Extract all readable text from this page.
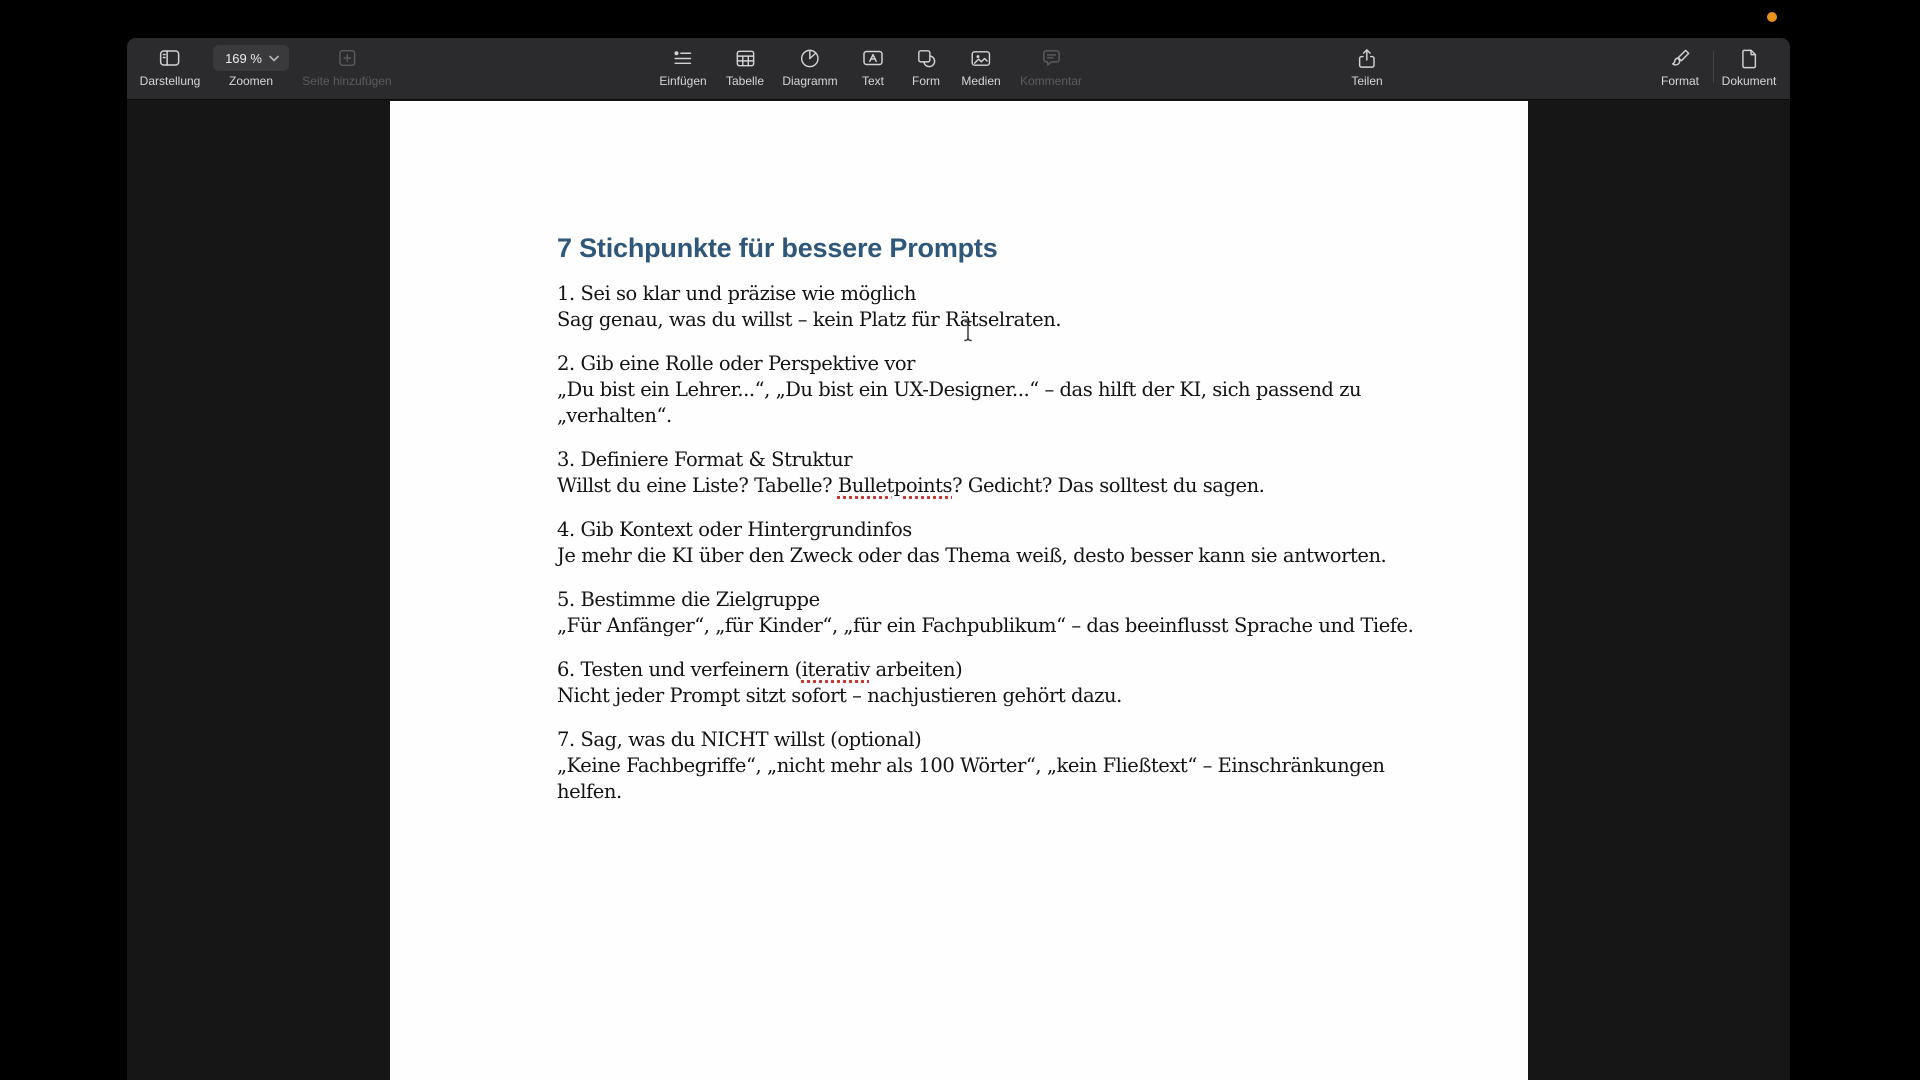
Darstellung
169 %
Zoomen Seite hinzufügen	Einfügen Tabelle Diagramm Text Form Medien Kommentar	Teilen	Format Dokument
7 Stichpunkte für bessere Prompts
1. Sei so klar und präzise wie möglich
Sag genau, was du willst – kein Platz für Rätselraten.
2. Gib eine Rolle oder Perspektive vor
„Du bist ein Lehrer...“, „Du bist ein UX-Designer...“ – das hilft der KI, sich passend zu
„verhalten“.
3. Definiere Format & Struktur
Willst du eine Liste? Tabelle? Bulletpoints? Gedicht? Das solltest du sagen.
4. Gib Kontext oder Hintergrundinfos
Je mehr die KI über den Zweck oder das Thema weiß, desto besser kann sie antworten.
5. Bestimme die Zielgruppe
„Für Anfänger“, „für Kinder“, „für ein Fachpublikum“ – das beeinflusst Sprache und Tiefe.
6. Testen und verfeinern (iterativ arbeiten)
Nicht jeder Prompt sitzt sofort – nachjustieren gehört dazu.
7. Sag, was du NICHT willst (optional)
„Keine Fachbegriffe“, „nicht mehr als 100 Wörter“, „kein Fließtext“ – Einschränkungen
helfen.
